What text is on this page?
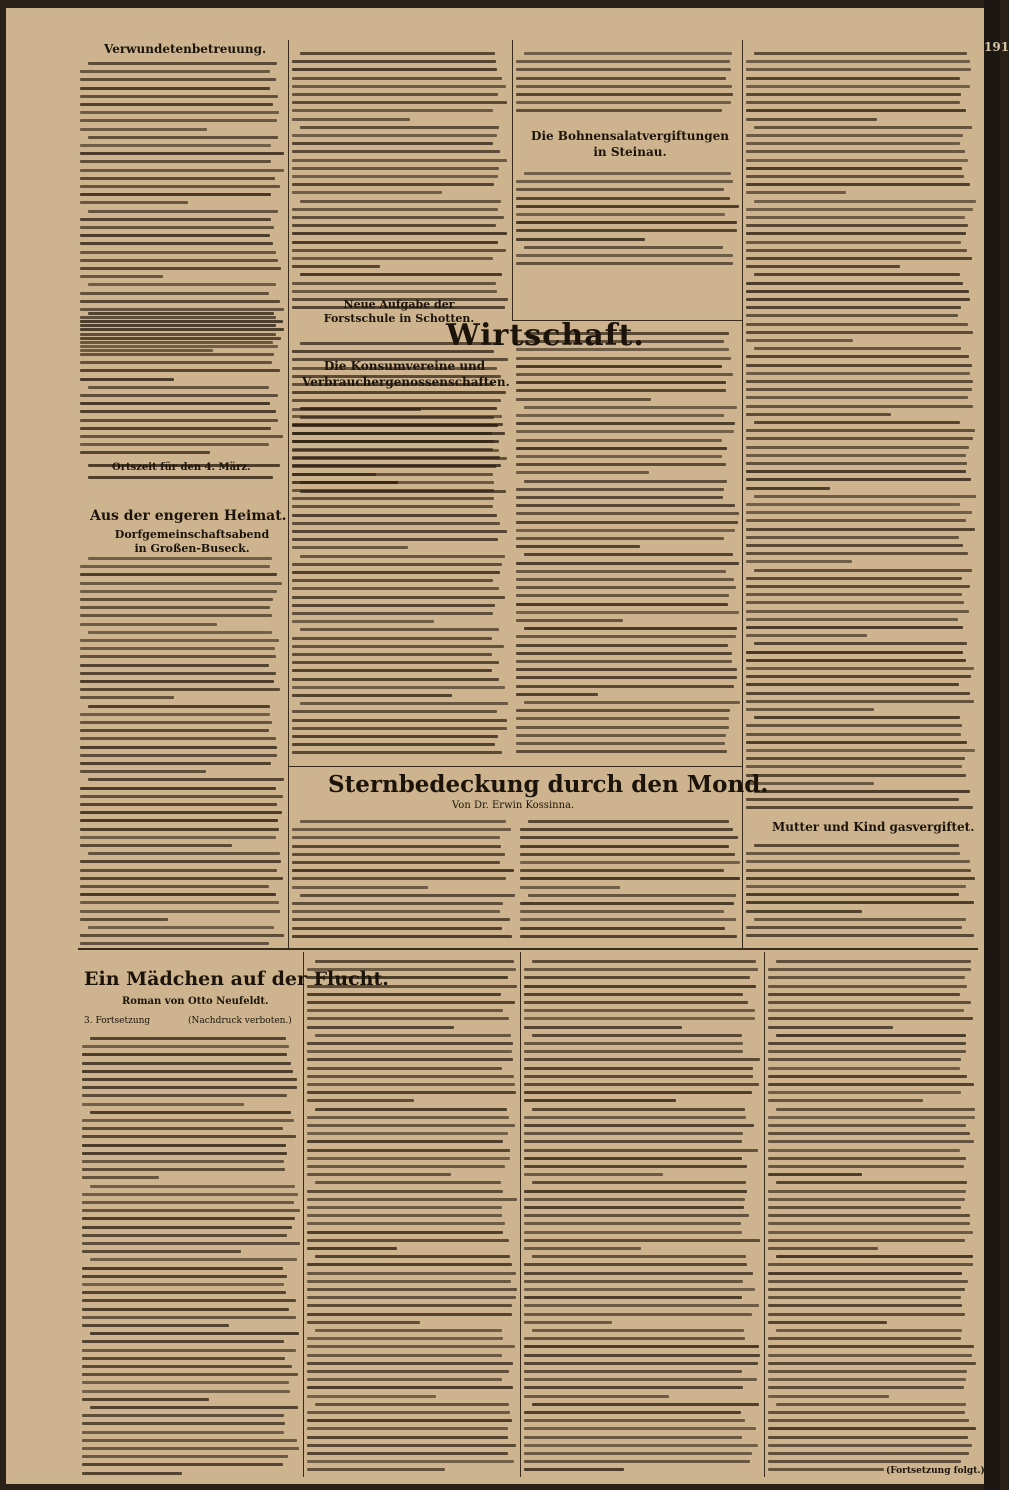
191
Verwundetenbetreuung.
Ortszeit für den 4. März.
Aus der engeren Heimat.
Dorfgemeinschaftsabend in Großen-Buseck.
Neue Aufgabe der Forstschule in Schotten.
Die Bohnensalatvergiftungen in Steinau.
Wirtschaft.
Die Konsumvereine und Verbrauchergenossenschaften.
Sternbedeckung durch den Mond.
Von Dr. Erwin Kossinna.
Mutter und Kind gasvergiftet.
Ein Mädchen auf der Flucht.
Roman von Otto Neufeldt.
3. Fortsetzung	(Nachdruck verboten.)
(Fortsetzung folgt.)
